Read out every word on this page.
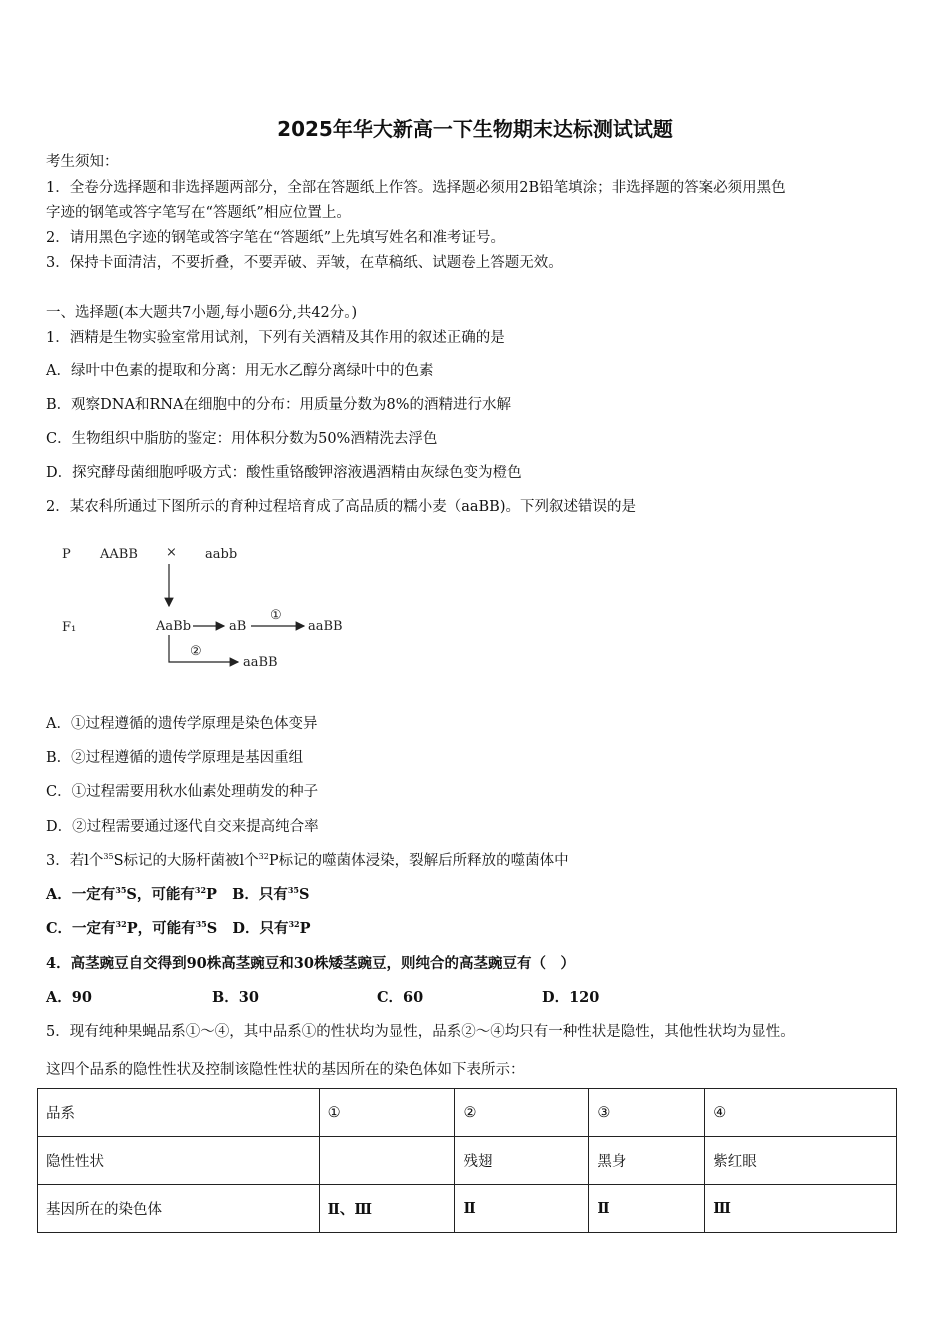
2025年华大新高一下生物期末达标测试试题
考生须知：
1．全卷分选择题和非选择题两部分，全部在答题纸上作答。选择题必须用2B铅笔填涂；非选择题的答案必须用黑色
字迹的钢笔或答字笔写在“答题纸”相应位置上。
2．请用黑色字迹的钢笔或答字笔在“答题纸”上先填写姓名和准考证号。
3．保持卡面清洁，不要折叠，不要弄破、弄皱，在草稿纸、试题卷上答题无效。
一、选择题(本大题共7小题,每小题6分,共42分。)
1．酒精是生物实验室常用试剂，下列有关酒精及其作用的叙述正确的是
A．绿叶中色素的提取和分离：用无水乙醇分离绿叶中的色素
B．观察DNA和RNA在细胞中的分布：用质量分数为8%的酒精进行水解
C．生物组织中脂肪的鉴定：用体积分数为50%酒精洗去浮色
D．探究酵母菌细胞呼吸方式：酸性重铬酸钾溶液遇酒精由灰绿色变为橙色
2．某农科所通过下图所示的育种过程培育成了高品质的糯小麦（aaBB)。下列叙述错误的是
P AABB × aabb
F₁	AaBb	aB
①
aaBB
②
aaBB
A．①过程遵循的遗传学原理是染色体变异
B．②过程遵循的遗传学原理是基因重组
C．①过程需要用秋水仙素处理萌发的种子
D．②过程需要通过逐代自交来提高纯合率
3．若l个$^{35}$S标记的大肠杆菌被l个$^{32}$P标记的噬菌体浸染，裂解后所释放的噬菌体中
A．一定有$^{35}$S，可能有$^{32}$P B．只有$^{35}$S
C．一定有$^{32}$P，可能有$^{35}$S D．只有$^{32}$P
4．高茎豌豆自交得到90株高茎豌豆和30株矮茎豌豆，则纯合的高茎豌豆有（　）
A．90	B．30	C．60	D．120
5．现有纯种果蝇品系①～④，其中品系①的性状均为显性，品系②～④均只有一种性状是隐性，其他性状均为显性。
这四个品系的隐性性状及控制该隐性性状的基因所在的染色体如下表所示：
品系	①	②	③	④
隐性性状		残翅	黑身	紫红眼
基因所在的染色体	Ⅱ、Ⅲ	Ⅱ	Ⅱ	Ⅲ
